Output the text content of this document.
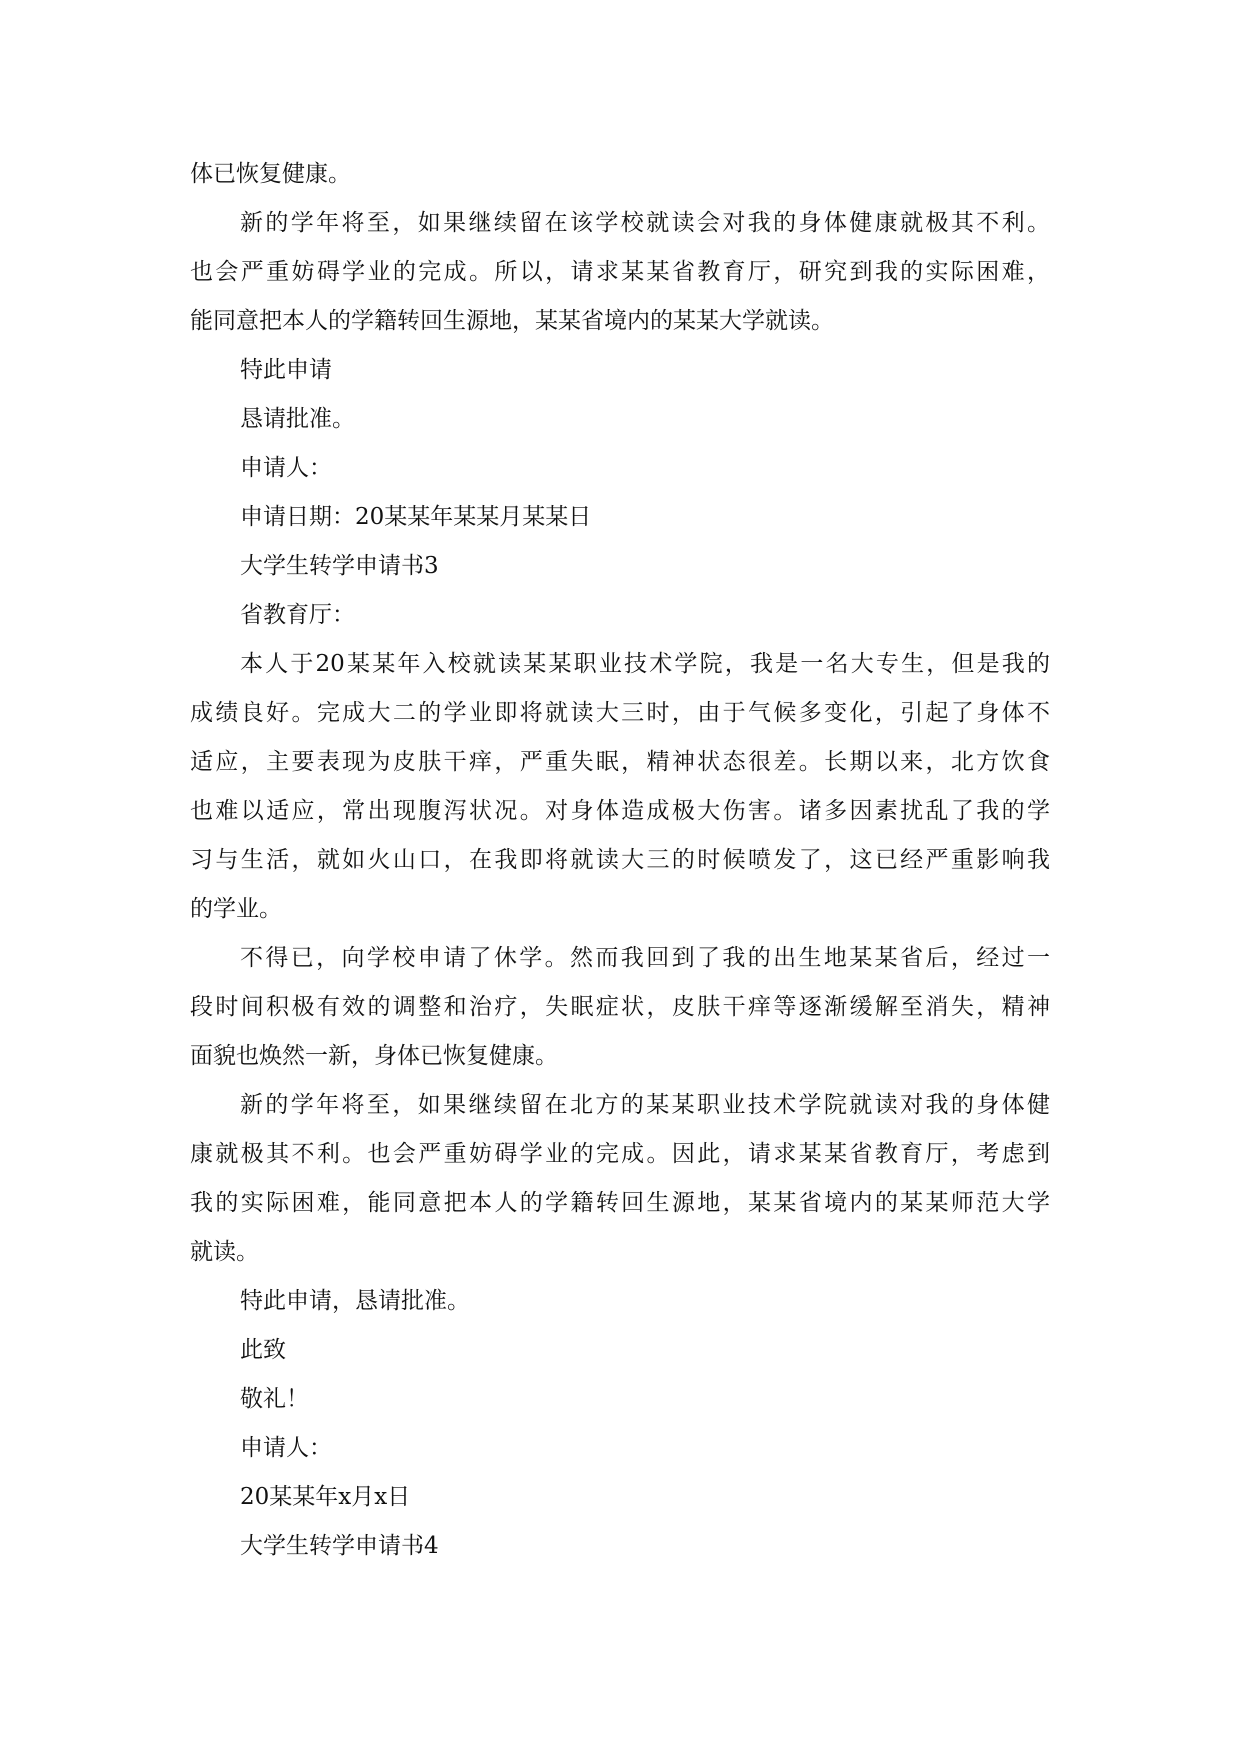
体已恢复健康。
新的学年将至，如果继续留在该学校就读会对我的身体健康就极其不利。
也会严重妨碍学业的完成。所以，请求某某省教育厅，研究到我的实际困难，
能同意把本人的学籍转回生源地，某某省境内的某某大学就读。
特此申请
恳请批准。
申请人：
申请日期：20某某年某某月某某日
大学生转学申请书3
省教育厅：
本人于20某某年入校就读某某职业技术学院，我是一名大专生，但是我的
成绩良好。完成大二的学业即将就读大三时，由于气候多变化，引起了身体不
适应，主要表现为皮肤干痒，严重失眠，精神状态很差。长期以来，北方饮食
也难以适应，常出现腹泻状况。对身体造成极大伤害。诸多因素扰乱了我的学
习与生活，就如火山口，在我即将就读大三的时候喷发了，这已经严重影响我
的学业。
不得已，向学校申请了休学。然而我回到了我的出生地某某省后，经过一
段时间积极有效的调整和治疗，失眠症状，皮肤干痒等逐渐缓解至消失，精神
面貌也焕然一新，身体已恢复健康。
新的学年将至，如果继续留在北方的某某职业技术学院就读对我的身体健
康就极其不利。也会严重妨碍学业的完成。因此，请求某某省教育厅，考虑到
我的实际困难，能同意把本人的学籍转回生源地，某某省境内的某某师范大学
就读。
特此申请，恳请批准。
此致
敬礼！
申请人：
20某某年x月x日
大学生转学申请书4
